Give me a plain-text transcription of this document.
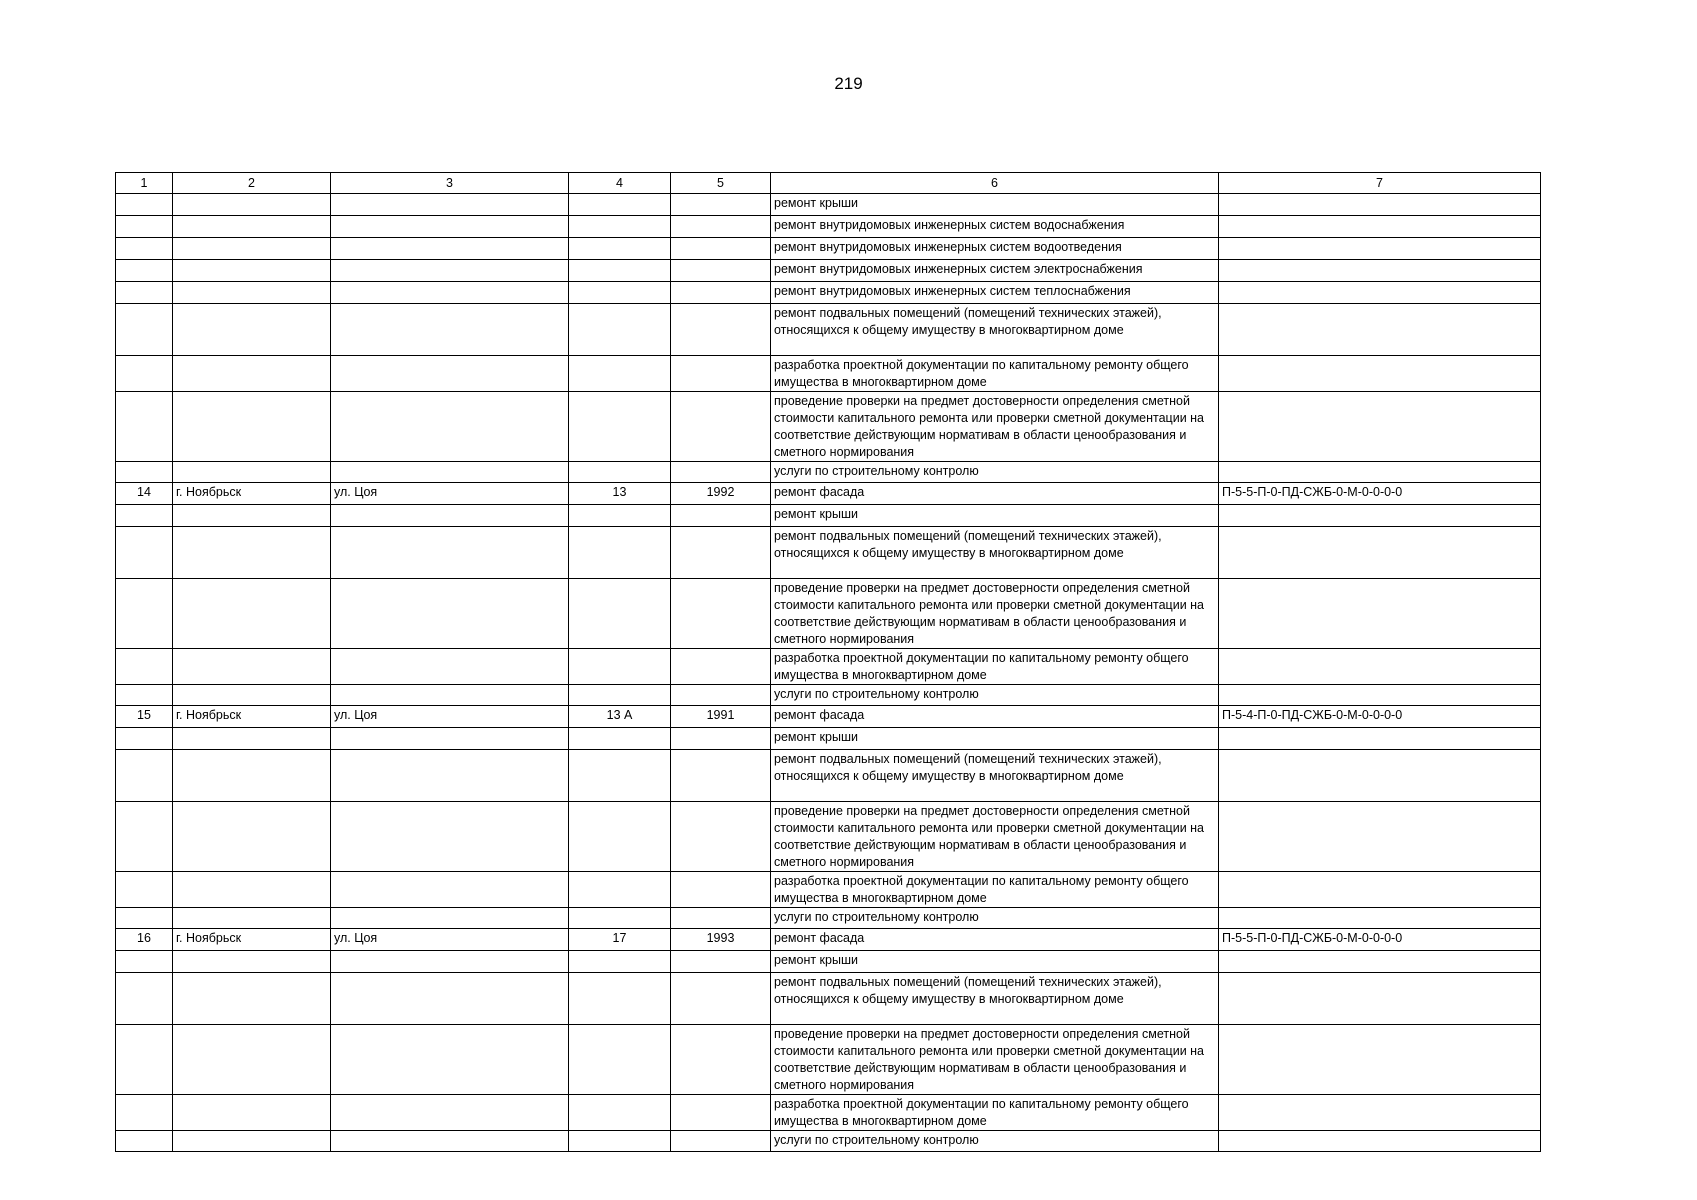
219
1	2	3	4	5	6	7
					ремонт крыши	
					ремонт внутридомовых инженерных систем водоснабжения	
					ремонт внутридомовых инженерных систем водоотведения	
					ремонт внутридомовых инженерных систем электроснабжения	
					ремонт внутридомовых инженерных систем теплоснабжения	
					ремонт подвальных помещений (помещений технических этажей), относящихся к общему имуществу в многоквартирном доме	
					разработка проектной документации по капитальному ремонту общего имущества в многоквартирном доме	
					проведение проверки на предмет достоверности определения сметной стоимости капитального ремонта или проверки сметной документации на соответствие действующим нормативам в области ценообразования и сметного нормирования	
					услуги по строительному контролю	
14	г. Ноябрьск	ул. Цоя	13	1992	ремонт фасада	П-5-5-П-0-ПД-СЖБ-0-М-0-0-0-0
					ремонт крыши	
					ремонт подвальных помещений (помещений технических этажей), относящихся к общему имуществу в многоквартирном доме	
					проведение проверки на предмет достоверности определения сметной стоимости капитального ремонта или проверки сметной документации на соответствие действующим нормативам в области ценообразования и сметного нормирования	
					разработка проектной документации по капитальному ремонту общего имущества в многоквартирном доме	
					услуги по строительному контролю	
15	г. Ноябрьск	ул. Цоя	13 А	1991	ремонт фасада	П-5-4-П-0-ПД-СЖБ-0-М-0-0-0-0
					ремонт крыши	
					ремонт подвальных помещений (помещений технических этажей), относящихся к общему имуществу в многоквартирном доме	
					проведение проверки на предмет достоверности определения сметной стоимости капитального ремонта или проверки сметной документации на соответствие действующим нормативам в области ценообразования и сметного нормирования	
					разработка проектной документации по капитальному ремонту общего имущества в многоквартирном доме	
					услуги по строительному контролю	
16	г. Ноябрьск	ул. Цоя	17	1993	ремонт фасада	П-5-5-П-0-ПД-СЖБ-0-М-0-0-0-0
					ремонт крыши	
					ремонт подвальных помещений (помещений технических этажей), относящихся к общему имуществу в многоквартирном доме	
					проведение проверки на предмет достоверности определения сметной стоимости капитального ремонта или проверки сметной документации на соответствие действующим нормативам в области ценообразования и сметного нормирования	
					разработка проектной документации по капитальному ремонту общего имущества в многоквартирном доме	
					услуги по строительному контролю	
